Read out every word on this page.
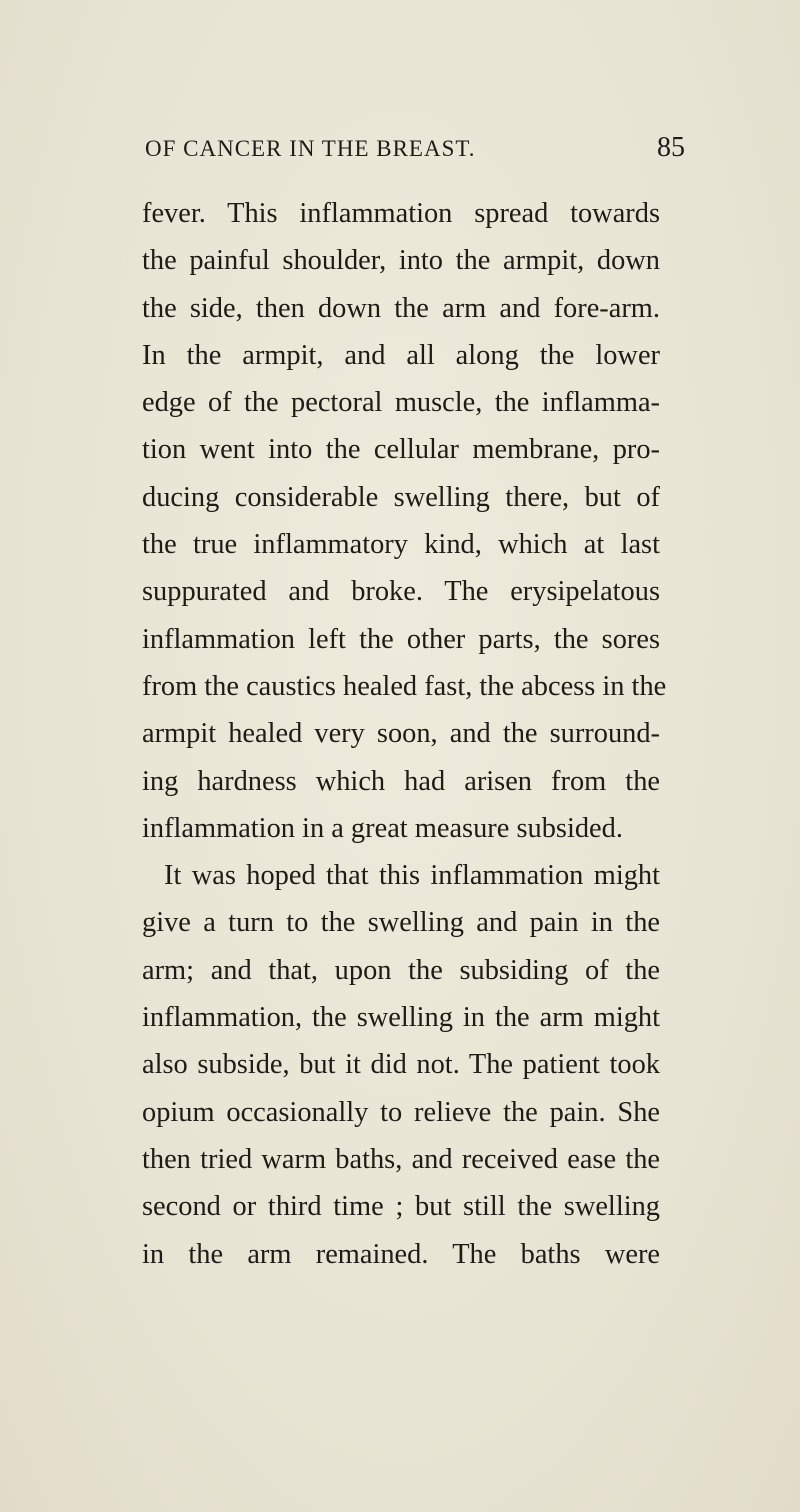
OF CANCER IN THE BREAST.	85
fever. This inflammation spread towards
the painful shoulder, into the armpit, down
the side, then down the arm and fore-arm.
In the armpit, and all along the lower
edge of the pectoral muscle, the inflamma-
tion went into the cellular membrane, pro-
ducing considerable swelling there, but of
the true inflammatory kind, which at last
suppurated and broke. The erysipelatous
inflammation left the other parts, the sores
from the caustics healed fast, the abcess in the
armpit healed very soon, and the surround-
ing hardness which had arisen from the
inflammation in a great measure subsided.
It was hoped that this inflammation might
give a turn to the swelling and pain in the
arm; and that, upon the subsiding of the
inflammation, the swelling in the arm might
also subside, but it did not. The patient took
opium occasionally to relieve the pain. She
then tried warm baths, and received ease the
second or third time ; but still the swelling
in the arm remained. The baths were
